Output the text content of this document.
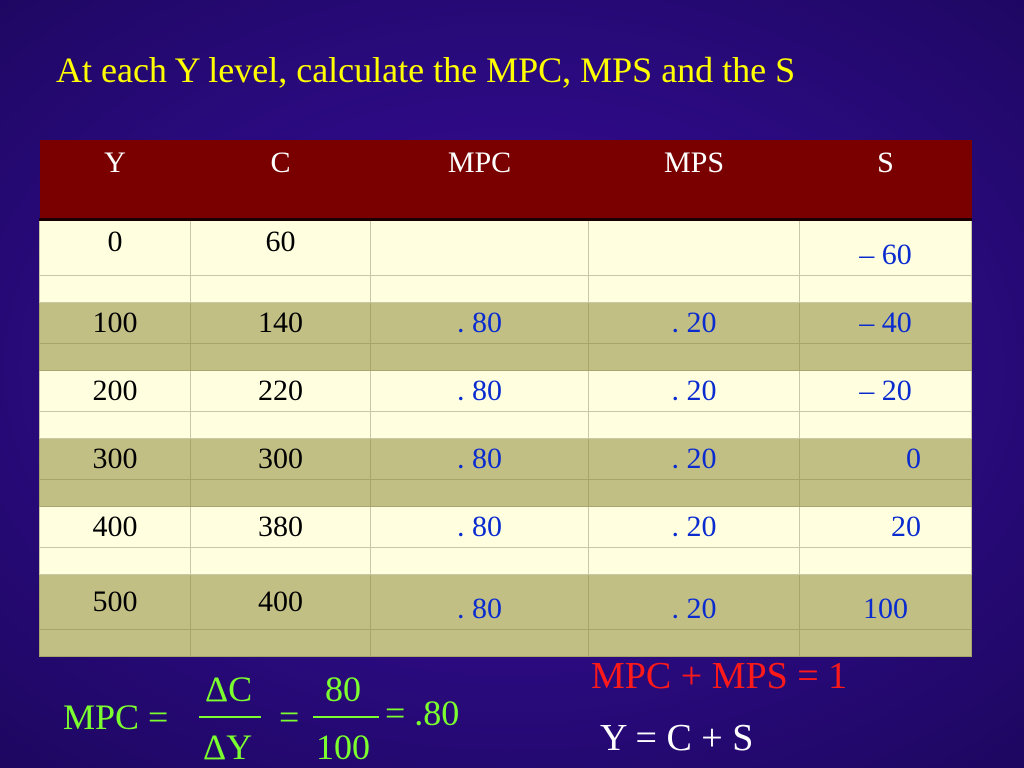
At each Y level, calculate the MPC, MPS and the S
Y	C	MPC	MPS	S
0	60			– 60

100	140	. 80	. 20	– 40

200	220	. 80	. 20	– 20

300	300	. 80	. 20	0

400	380	. 80	. 20	20

500	400	. 80	. 20	100

MPC =
ΔC
ΔY
=
80
100
= .80
MPC + MPS = 1
Y = C + S
